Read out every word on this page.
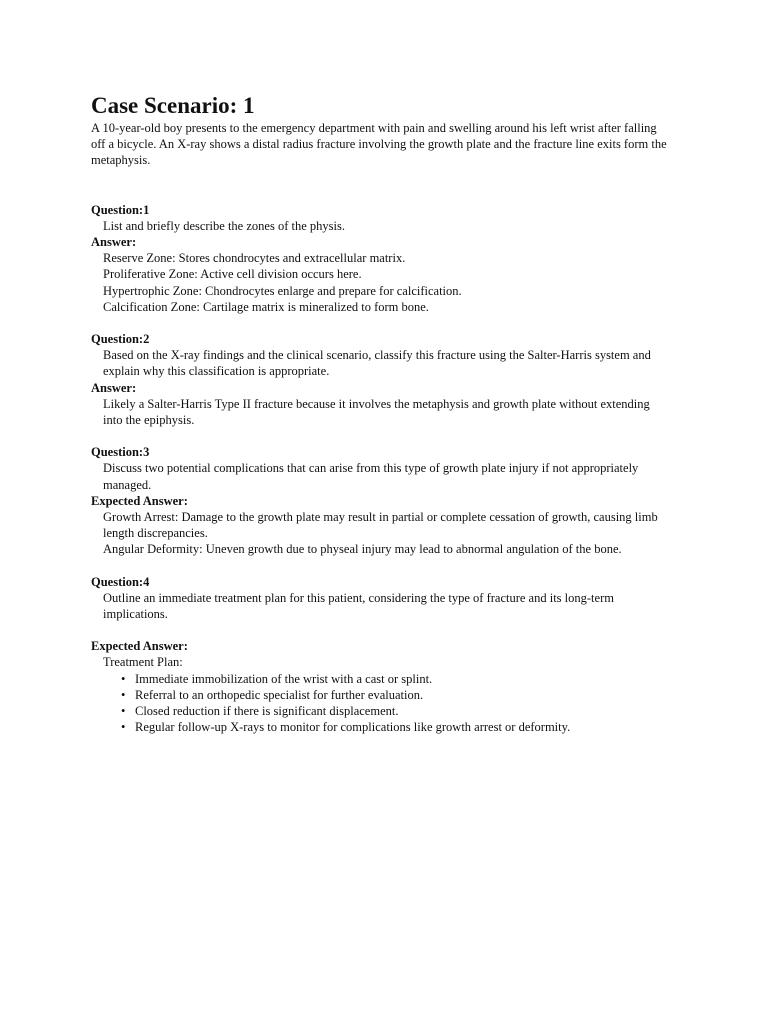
Case Scenario: 1

A 10-year-old boy presents to the emergency department with pain and swelling around his left wrist after falling off a bicycle. An X-ray shows a distal radius fracture involving the growth plate and the fracture line exits form the metaphysis.

Question:1

List and briefly describe the zones of the physis.

Answer:

Reserve Zone: Stores chondrocytes and extracellular matrix.

Proliferative Zone: Active cell division occurs here.

Hypertrophic Zone: Chondrocytes enlarge and prepare for calcification.

Calcification Zone: Cartilage matrix is mineralized to form bone.

Question:2

Based on the X-ray findings and the clinical scenario, classify this fracture using the Salter-Harris system and explain why this classification is appropriate.

Answer:

Likely a Salter-Harris Type II fracture because it involves the metaphysis and growth plate without extending into the epiphysis.

Question:3

Discuss two potential complications that can arise from this type of growth plate injury if not appropriately managed.

Expected Answer:

Growth Arrest: Damage to the growth plate may result in partial or complete cessation of growth, causing limb length discrepancies.

Angular Deformity: Uneven growth due to physeal injury may lead to abnormal angulation of the bone.

Question:4

Outline an immediate treatment plan for this patient, considering the type of fracture and its long-term implications.

Expected Answer:

Treatment Plan:

• Immediate immobilization of the wrist with a cast or splint.
• Referral to an orthopedic specialist for further evaluation.
• Closed reduction if there is significant displacement.
• Regular follow-up X-rays to monitor for complications like growth arrest or deformity.
